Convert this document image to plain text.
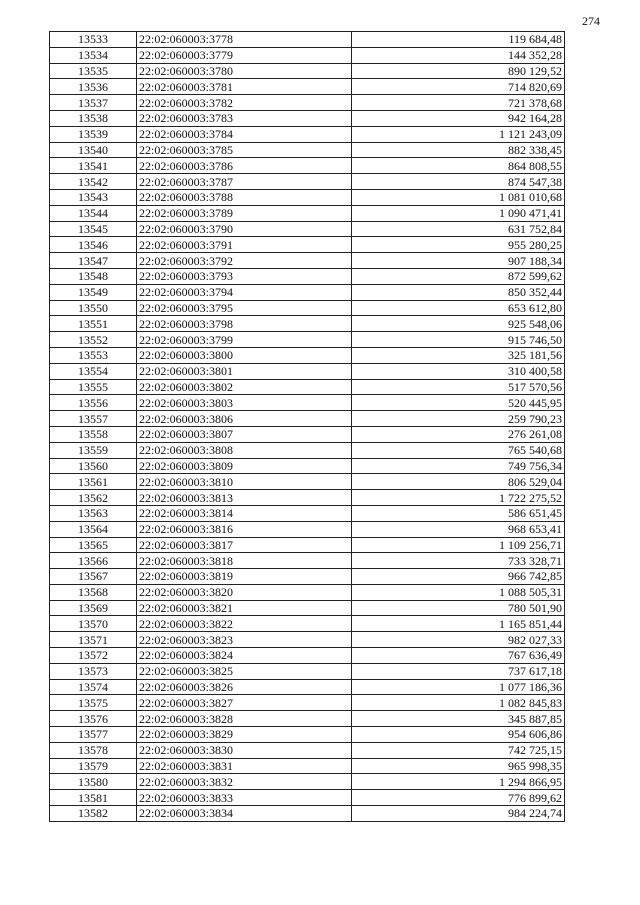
274
13533	22:02:060003:3778	119 684,48
13534	22:02:060003:3779	144 352,28
13535	22:02:060003:3780	890 129,52
13536	22:02:060003:3781	714 820,69
13537	22:02:060003:3782	721 378,68
13538	22:02:060003:3783	942 164,28
13539	22:02:060003:3784	1 121 243,09
13540	22:02:060003:3785	882 338,45
13541	22:02:060003:3786	864 808,55
13542	22:02:060003:3787	874 547,38
13543	22:02:060003:3788	1 081 010,68
13544	22:02:060003:3789	1 090 471,41
13545	22:02:060003:3790	631 752,84
13546	22:02:060003:3791	955 280,25
13547	22:02:060003:3792	907 188,34
13548	22:02:060003:3793	872 599,62
13549	22:02:060003:3794	850 352,44
13550	22:02:060003:3795	653 612,80
13551	22:02:060003:3798	925 548,06
13552	22:02:060003:3799	915 746,50
13553	22:02:060003:3800	325 181,56
13554	22:02:060003:3801	310 400,58
13555	22:02:060003:3802	517 570,56
13556	22:02:060003:3803	520 445,95
13557	22:02:060003:3806	259 790,23
13558	22:02:060003:3807	276 261,08
13559	22:02:060003:3808	765 540,68
13560	22:02:060003:3809	749 756,34
13561	22:02:060003:3810	806 529,04
13562	22:02:060003:3813	1 722 275,52
13563	22:02:060003:3814	586 651,45
13564	22:02:060003:3816	968 653,41
13565	22:02:060003:3817	1 109 256,71
13566	22:02:060003:3818	733 328,71
13567	22:02:060003:3819	966 742,85
13568	22:02:060003:3820	1 088 505,31
13569	22:02:060003:3821	780 501,90
13570	22:02:060003:3822	1 165 851,44
13571	22:02:060003:3823	982 027,33
13572	22:02:060003:3824	767 636,49
13573	22:02:060003:3825	737 617,18
13574	22:02:060003:3826	1 077 186,36
13575	22:02:060003:3827	1 082 845,83
13576	22:02:060003:3828	345 887,85
13577	22:02:060003:3829	954 606,86
13578	22:02:060003:3830	742 725,15
13579	22:02:060003:3831	965 998,35
13580	22:02:060003:3832	1 294 866,95
13581	22:02:060003:3833	776 899,62
13582	22:02:060003:3834	984 224,74
